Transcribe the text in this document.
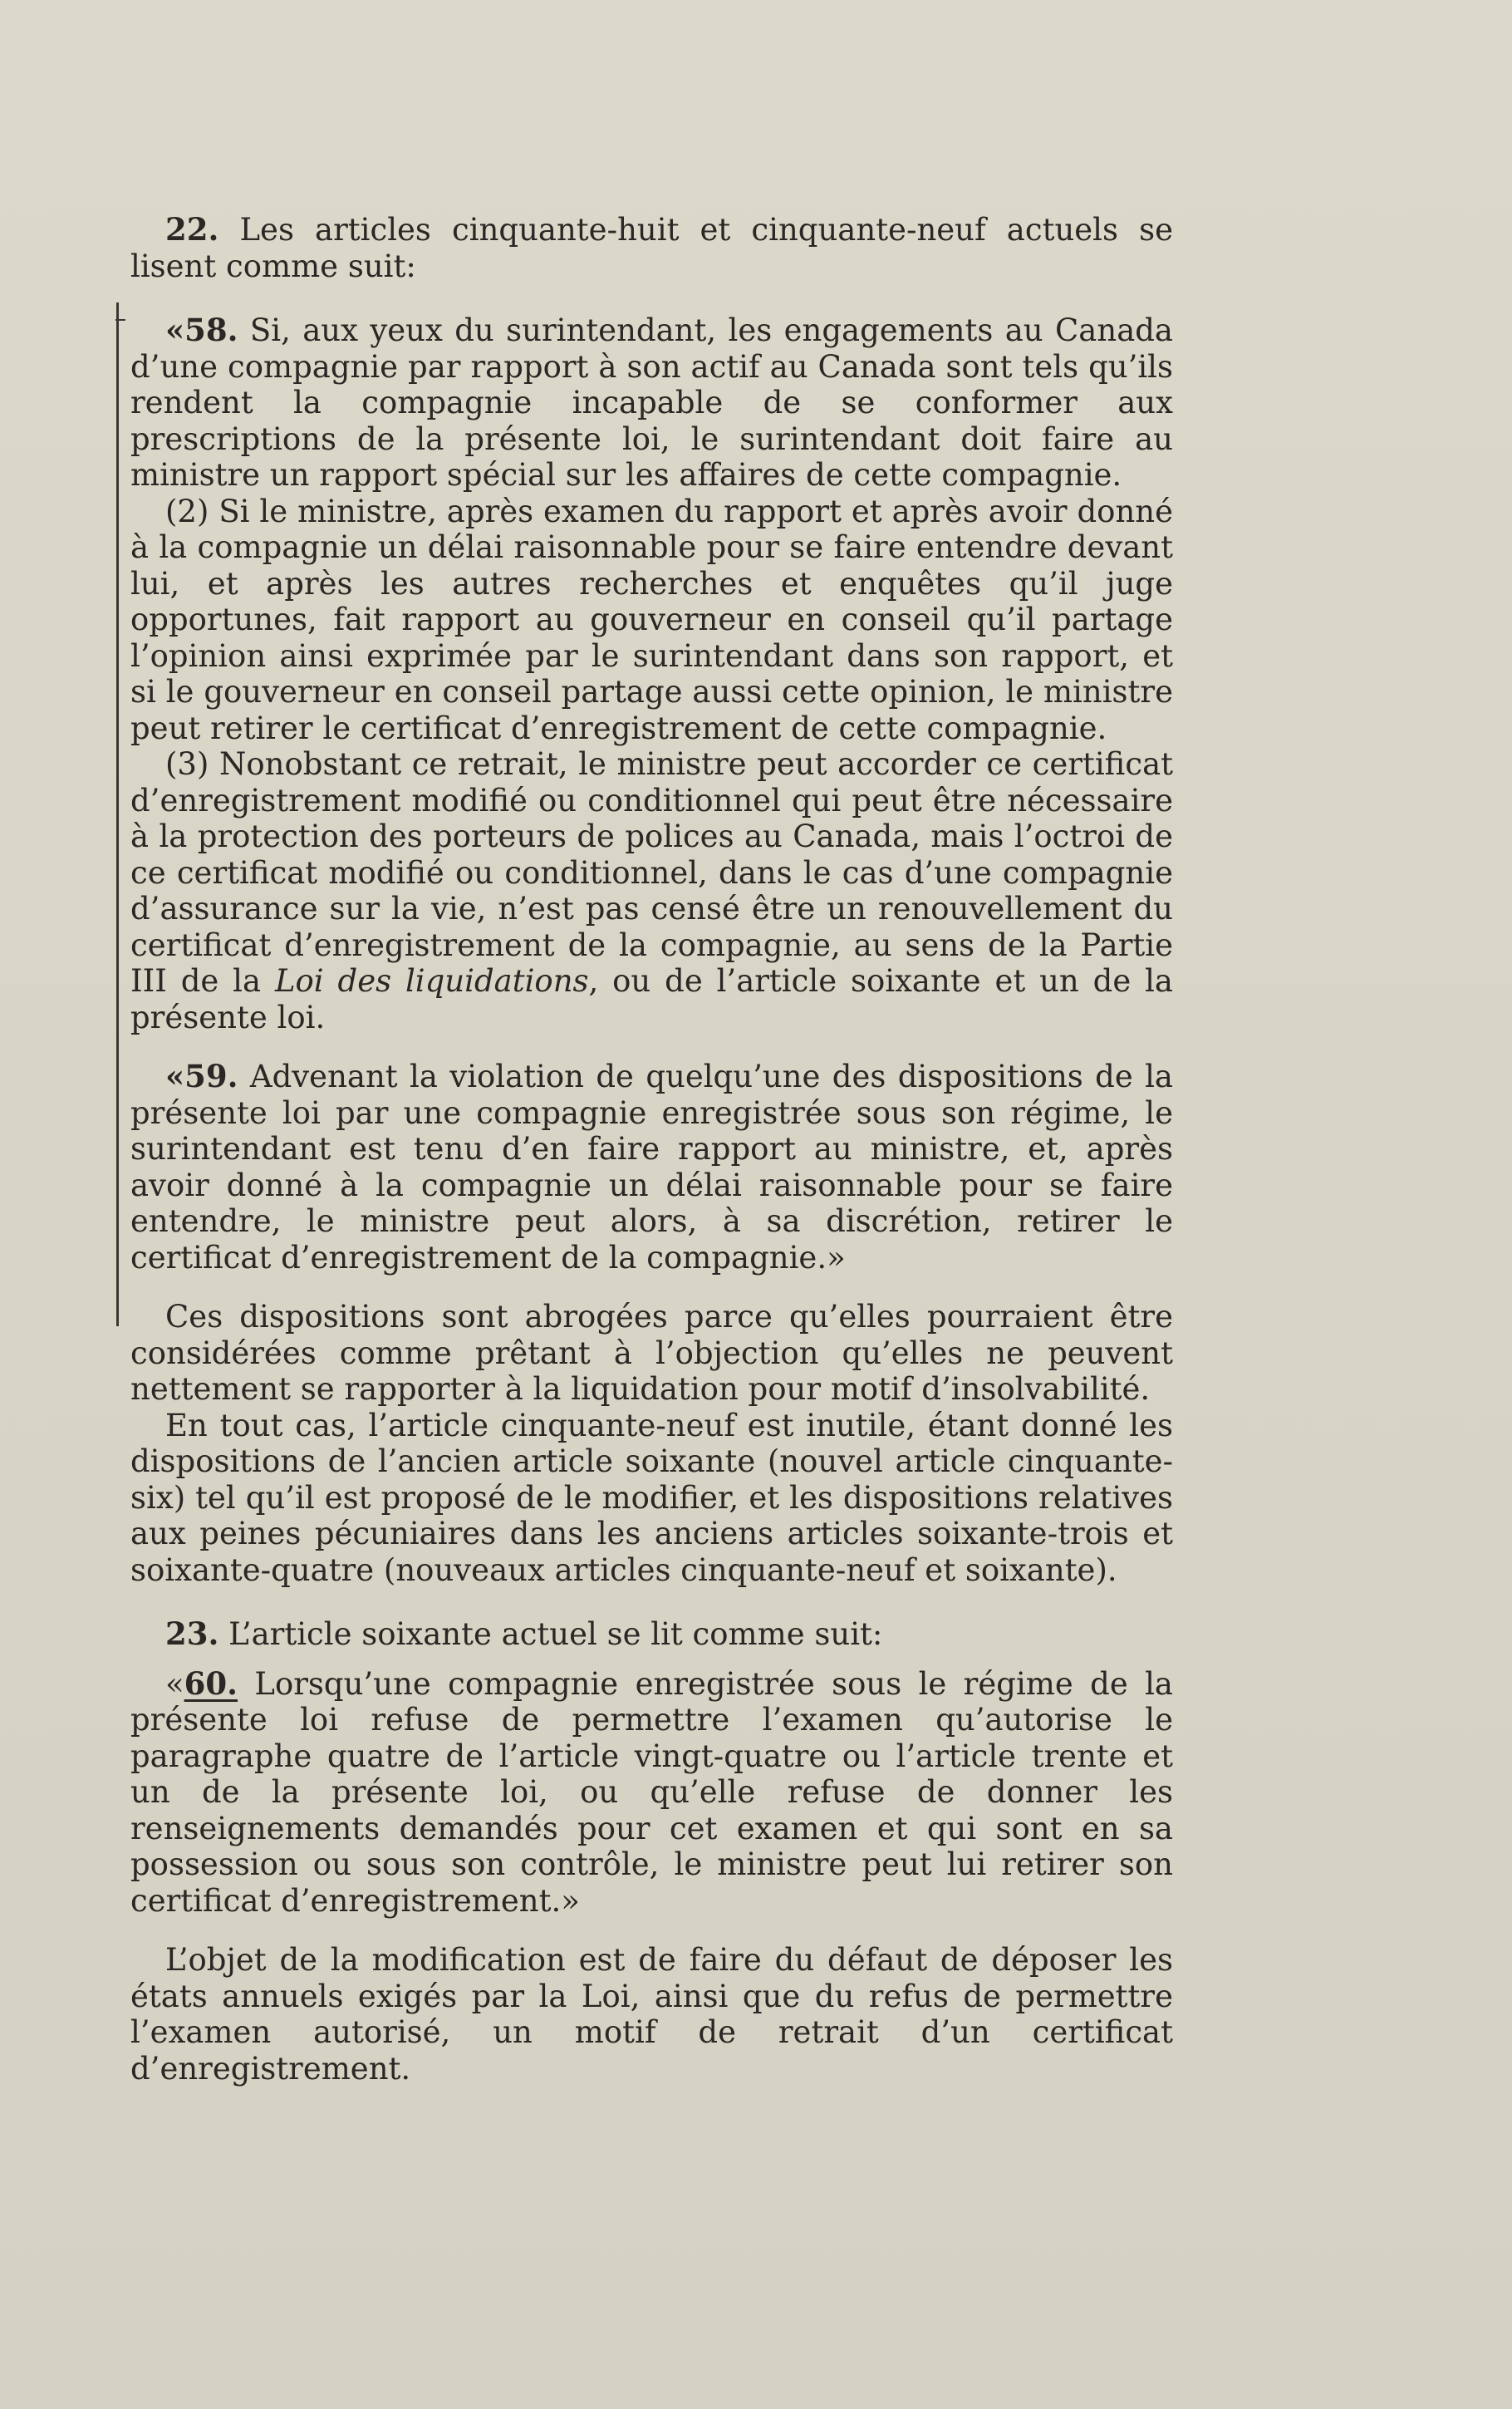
22. Les articles cinquante-huit et cinquante-neuf actuels se lisent comme suit:

«58. Si, aux yeux du surintendant, les engagements au Canada d’une compagnie par rapport à son actif au Canada sont tels qu’ils rendent la compagnie incapable de se conformer aux prescriptions de la présente loi, le surintendant doit faire au ministre un rapport spécial sur les affaires de cette compagnie.

(2) Si le ministre, après examen du rapport et après avoir donné à la compagnie un délai raisonnable pour se faire entendre devant lui, et après les autres recherches et enquêtes qu’il juge opportunes, fait rapport au gouverneur en conseil qu’il partage l’opinion ainsi exprimée par le surintendant dans son rapport, et si le gouverneur en conseil partage aussi cette opinion, le ministre peut retirer le certificat d’enregistrement de cette compagnie.

(3) Nonobstant ce retrait, le ministre peut accorder ce certificat d’enregistrement modifié ou conditionnel qui peut être nécessaire à la protection des porteurs de polices au Canada, mais l’octroi de ce certificat modifié ou conditionnel, dans le cas d’une compagnie d’assurance sur la vie, n’est pas censé être un renouvellement du certificat d’enregistrement de la compagnie, au sens de la Partie III de la Loi des liquidations, ou de l’article soixante et un de la présente loi.

«59. Advenant la violation de quelqu’une des dispositions de la présente loi par une compagnie enregistrée sous son régime, le surintendant est tenu d’en faire rapport au ministre, et, après avoir donné à la compagnie un délai raisonnable pour se faire entendre, le ministre peut alors, à sa discrétion, retirer le certificat d’enregistrement de la compagnie.»

Ces dispositions sont abrogées parce qu’elles pourraient être considérées comme prêtant à l’objection qu’elles ne peuvent nettement se rapporter à la liquidation pour motif d’insolvabilité.

En tout cas, l’article cinquante-neuf est inutile, étant donné les dispositions de l’ancien article soixante (nouvel article cinquante-six) tel qu’il est proposé de le modifier, et les dispositions relatives aux peines pécuniaires dans les anciens articles soixante-trois et soixante-quatre (nouveaux articles cinquante-neuf et soixante).

23. L’article soixante actuel se lit comme suit:

«60. Lorsqu’une compagnie enregistrée sous le régime de la présente loi refuse de permettre l’examen qu’autorise le paragraphe quatre de l’article vingt-quatre ou l’article trente et un de la présente loi, ou qu’elle refuse de donner les renseignements demandés pour cet examen et qui sont en sa possession ou sous son contrôle, le ministre peut lui retirer son certificat d’enregistrement.»

L’objet de la modification est de faire du défaut de déposer les états annuels exigés par la Loi, ainsi que du refus de permettre l’examen autorisé, un motif de retrait d’un certificat d’enregistrement.
